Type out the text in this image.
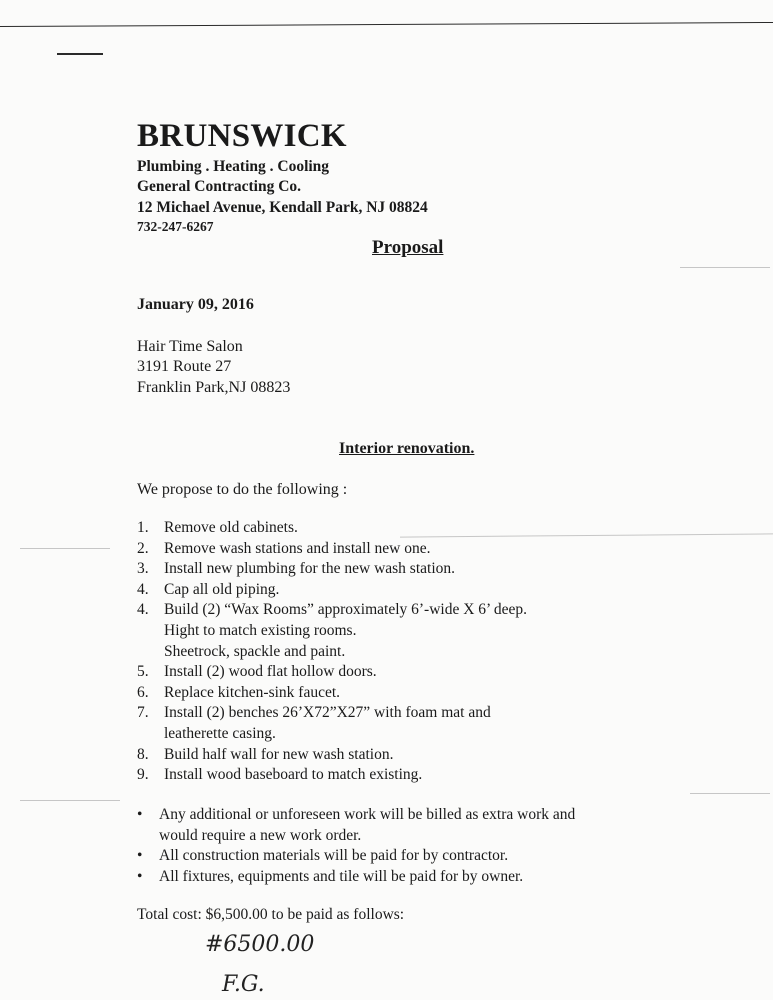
BRUNSWICK
Plumbing . Heating . Cooling
General Contracting Co.
12 Michael Avenue, Kendall Park, NJ 08824
732-247-6267
Proposal
January 09, 2016
Hair Time Salon
3191 Route 27
Franklin Park,NJ 08823
Interior renovation.
We propose to do the following :
1. Remove old cabinets.
2. Remove wash stations and install new one.
3. Install new plumbing for the new wash station.
4. Cap all old piping.
4. Build (2) “Wax Rooms” approximately 6’-wide X 6’ deep.
Hight to match existing rooms.
Sheetrock, spackle and paint.
5. Install (2) wood flat hollow doors.
6. Replace kitchen-sink faucet.
7. Install (2) benches 26’X72”X27” with foam mat and
leatherette casing.
8. Build half wall for new wash station.
9. Install wood baseboard to match existing.
•	Any additional or unforeseen work will be billed as extra work and
would require a new work order.
•	All construction materials will be paid for by contractor.
•	All fixtures, equipments and tile will be paid for by owner.
Total cost: $6,500.00 to be paid as follows:
#6500.00
F.G.
